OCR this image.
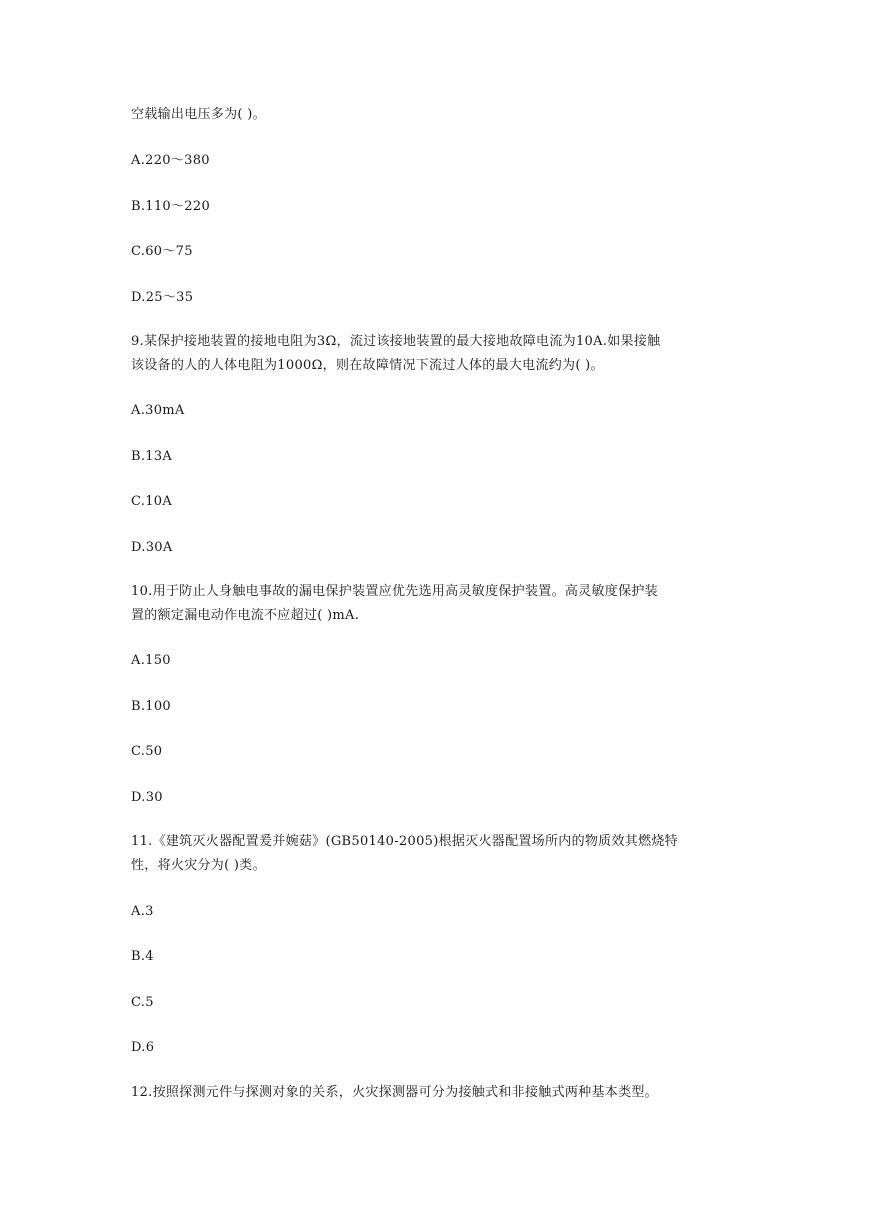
空载输出电压多为( )。
A.220～380
B.110～220
C.60～75
D.25～35
9.某保护接地装置的接地电阻为3Ω，流过该接地装置的最大接地故障电流为10A.如果接触
该设备的人的人体电阻为1000Ω，则在故障情况下流过人体的最大电流约为( )。
A.30mA
B.13A
C.10A
D.30A
10.用于防止人身触电事故的漏电保护装置应优先选用高灵敏度保护装置。高灵敏度保护装
置的额定漏电动作电流不应超过( )mA.
A.150
B.100
C.50
D.30
11.《建筑灭火器配置爰并婉菇》(GB50140-2005)根据灭火器配置场所内的物质效其燃烧特
性，将火灾分为( )类。
A.3
B.4
C.5
D.6
12.按照探测元件与探测对象的关系，火灾探测器可分为接触式和非接触式两种基本类型。
